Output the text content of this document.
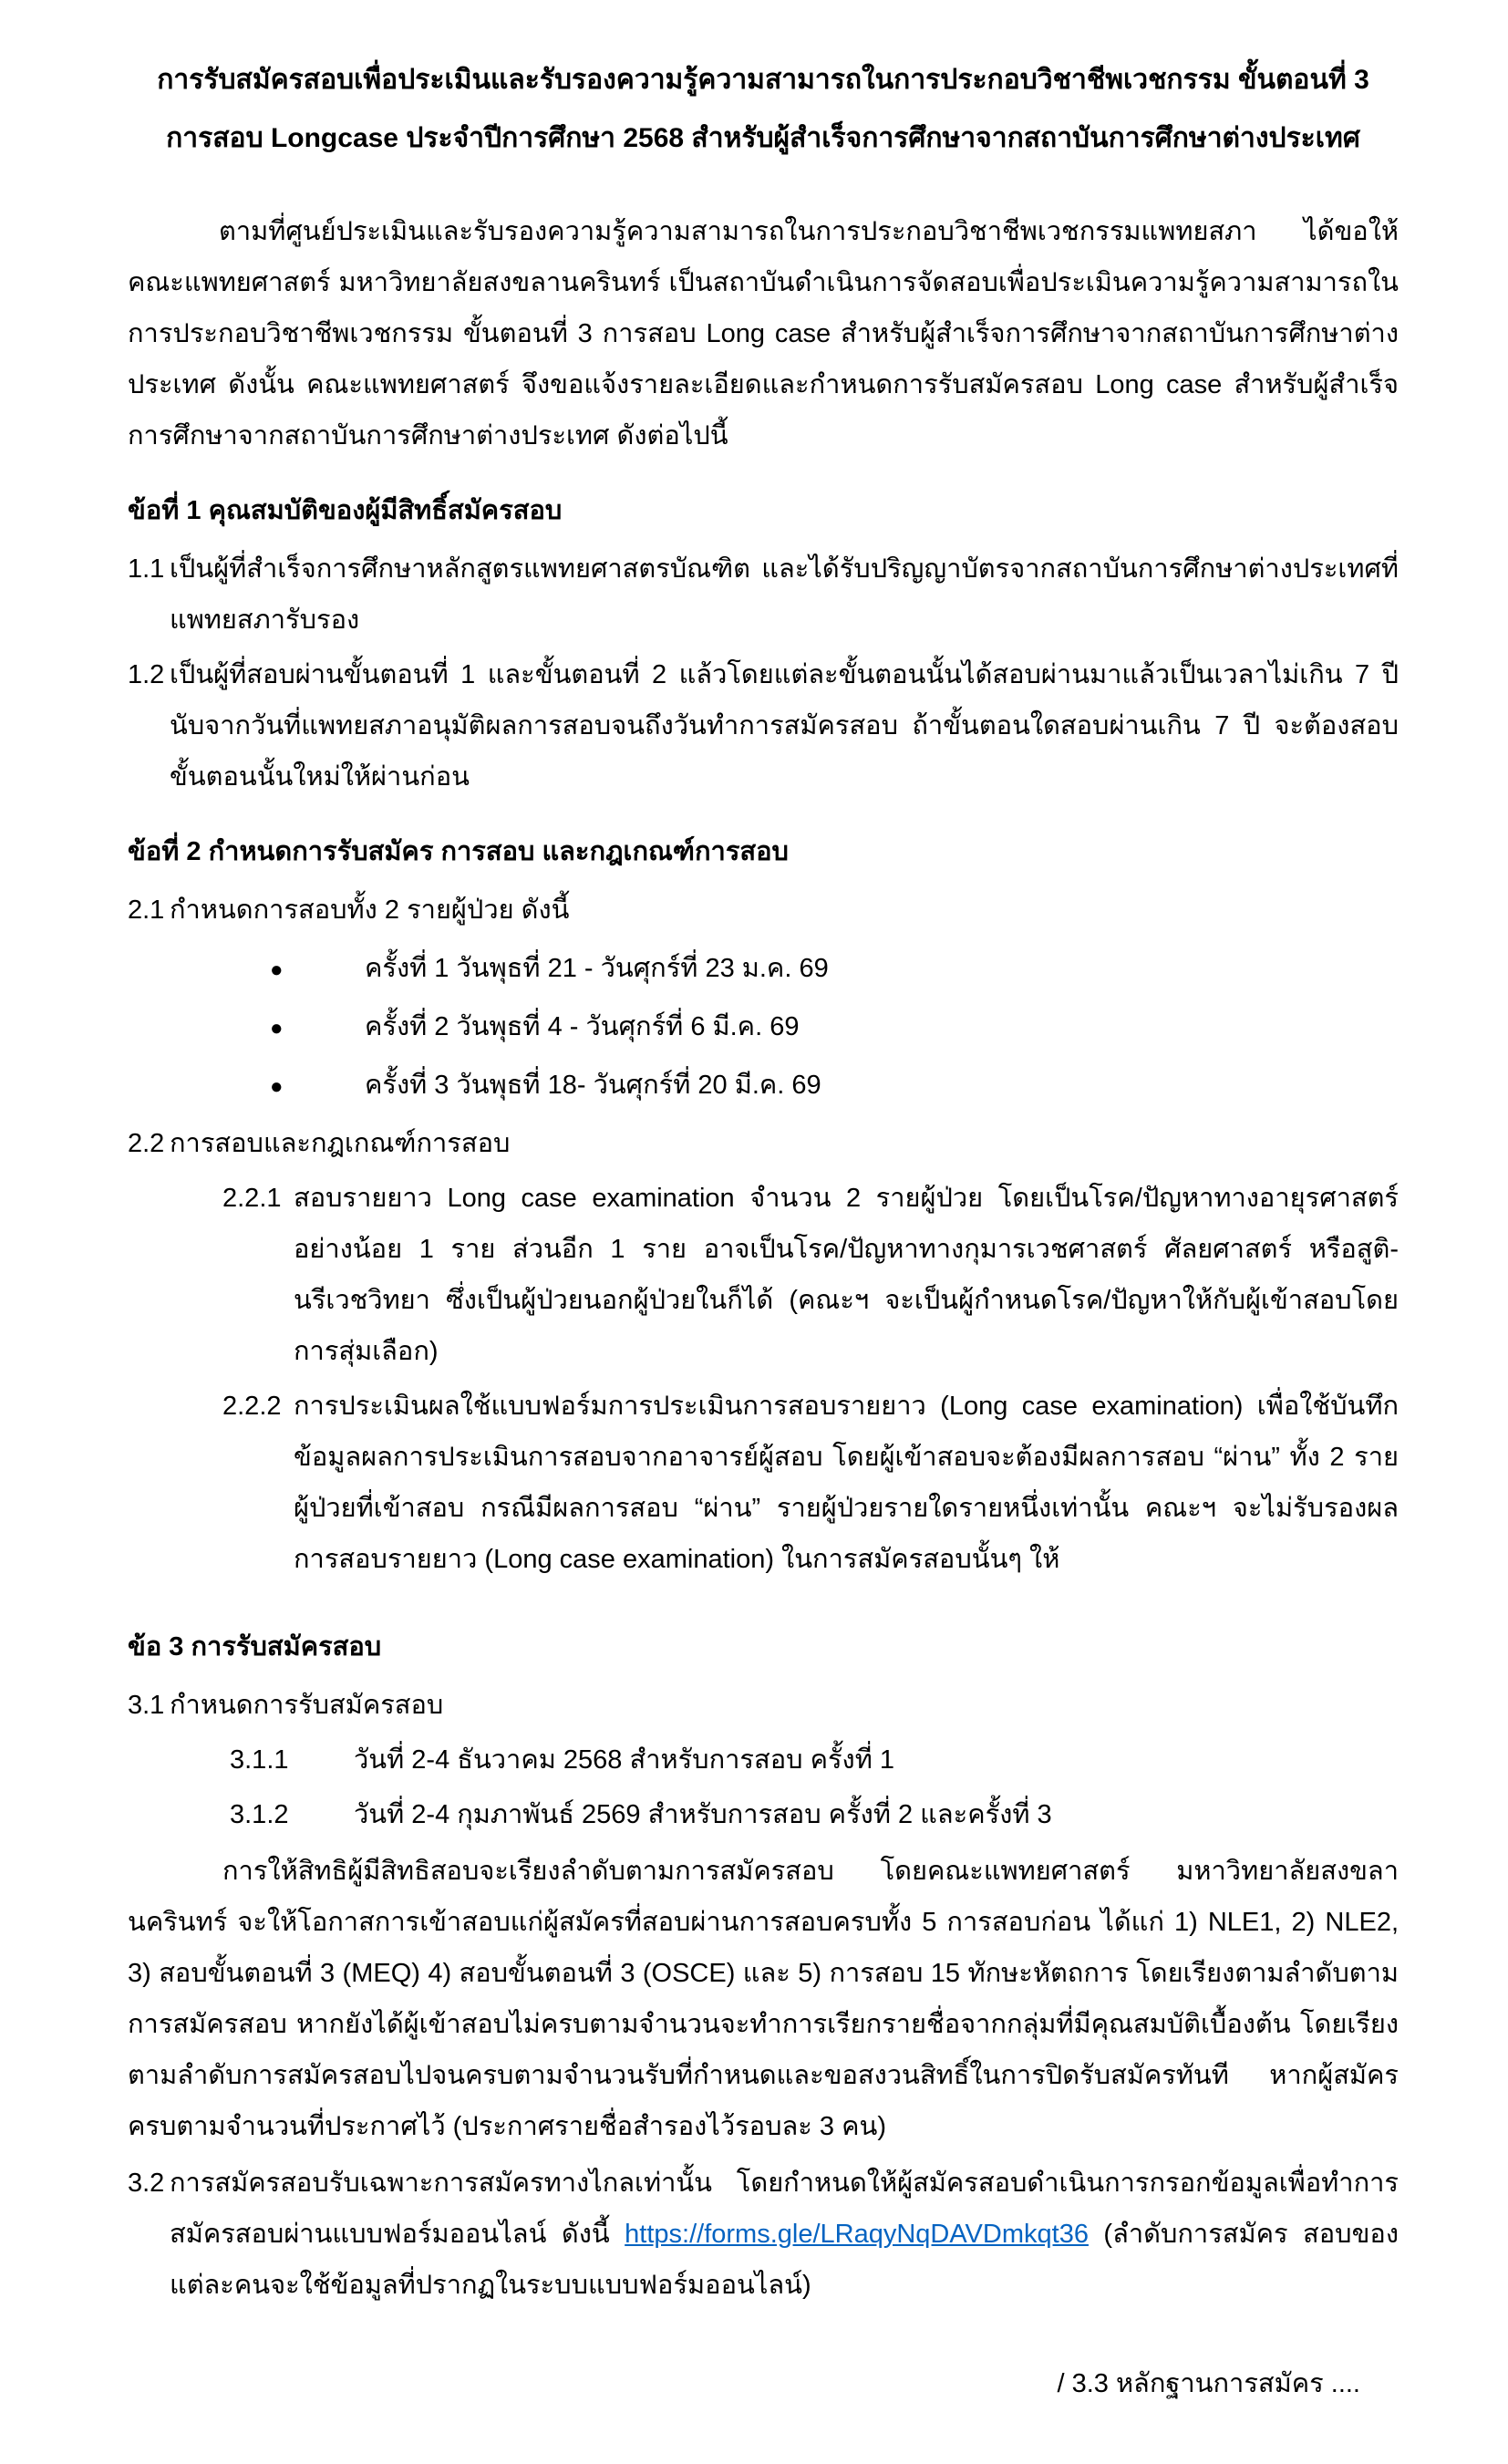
การรับสมัครสอบเพื่อประเมินและรับรองความรู้ความสามารถในการประกอบวิชาชีพเวชกรรม ขั้นตอนที่ 3
การสอบ Longcase ประจำปีการศึกษา 2568 สำหรับผู้สำเร็จการศึกษาจากสถาบันการศึกษาต่างประเทศ

ตามที่ศูนย์ประเมินและรับรองความรู้ความสามารถในการประกอบวิชาชีพเวชกรรมแพทยสภา ได้ขอให้คณะแพทยศาสตร์ มหาวิทยาลัยสงขลานครินทร์ เป็นสถาบันดำเนินการจัดสอบเพื่อประเมินความรู้ความสามารถในการประกอบวิชาชีพเวชกรรม ขั้นตอนที่ 3 การสอบ Long case สำหรับผู้สำเร็จการศึกษาจากสถาบันการศึกษาต่างประเทศ ดังนั้น คณะแพทยศาสตร์ จึงขอแจ้งรายละเอียดและกำหนดการรับสมัครสอบ Long case สำหรับผู้สำเร็จการศึกษาจากสถาบันการศึกษาต่างประเทศ ดังต่อไปนี้

ข้อที่ 1 คุณสมบัติของผู้มีสิทธิ์สมัครสอบ
1.1 เป็นผู้ที่สำเร็จการศึกษาหลักสูตรแพทยศาสตรบัณฑิต และได้รับปริญญาบัตรจากสถาบันการศึกษาต่างประเทศที่แพทยสภารับรอง
1.2 เป็นผู้ที่สอบผ่านขั้นตอนที่ 1 และขั้นตอนที่ 2 แล้วโดยแต่ละขั้นตอนนั้นได้สอบผ่านมาแล้วเป็นเวลาไม่เกิน 7 ปี นับจากวันที่แพทยสภาอนุมัติผลการสอบจนถึงวันทำการสมัครสอบ ถ้าขั้นตอนใดสอบผ่านเกิน 7 ปี จะต้องสอบขั้นตอนนั้นใหม่ให้ผ่านก่อน
ข้อที่ 2 กำหนดการรับสมัคร การสอบ และกฎเกณฑ์การสอบ
2.1 กำหนดการสอบทั้ง 2 รายผู้ป่วย ดังนี้
●	ครั้งที่ 1 วันพุธที่ 21 - วันศุกร์ที่ 23 ม.ค. 69
●	ครั้งที่ 2 วันพุธที่ 4 - วันศุกร์ที่ 6 มี.ค. 69
●	ครั้งที่ 3 วันพุธที่ 18- วันศุกร์ที่ 20 มี.ค. 69
2.2 การสอบและกฎเกณฑ์การสอบ
2.2.1 สอบรายยาว Long case examination จำนวน 2 รายผู้ป่วย โดยเป็นโรค/ปัญหาทางอายุรศาสตร์อย่างน้อย 1 ราย ส่วนอีก 1 ราย อาจเป็นโรค/ปัญหาทางกุมารเวชศาสตร์ ศัลยศาสตร์ หรือสูติ-นรีเวชวิทยา ซึ่งเป็นผู้ป่วยนอกผู้ป่วยในก็ได้ (คณะฯ จะเป็นผู้กำหนดโรค/ปัญหาให้กับผู้เข้าสอบโดยการสุ่มเลือก)
2.2.2 การประเมินผลใช้แบบฟอร์มการประเมินการสอบรายยาว (Long case examination) เพื่อใช้บันทึกข้อมูลผลการประเมินการสอบจากอาจารย์ผู้สอบ โดยผู้เข้าสอบจะต้องมีผลการสอบ “ผ่าน” ทั้ง 2 รายผู้ป่วยที่เข้าสอบ กรณีมีผลการสอบ “ผ่าน” รายผู้ป่วยรายใดรายหนึ่งเท่านั้น คณะฯ จะไม่รับรองผลการสอบรายยาว (Long case examination) ในการสมัครสอบนั้นๆ ให้
ข้อ 3 การรับสมัครสอบ
3.1 กำหนดการรับสมัครสอบ
3.1.1 วันที่ 2-4 ธันวาคม 2568 สำหรับการสอบ ครั้งที่ 1
3.1.2 วันที่ 2-4 กุมภาพันธ์ 2569 สำหรับการสอบ ครั้งที่ 2 และครั้งที่ 3

การให้สิทธิผู้มีสิทธิสอบจะเรียงลำดับตามการสมัครสอบ โดยคณะแพทยศาสตร์ มหาวิทยาลัยสงขลานครินทร์ จะให้โอกาสการเข้าสอบแก่ผู้สมัครที่สอบผ่านการสอบครบทั้ง 5 การสอบก่อน ได้แก่ 1) NLE1, 2) NLE2, 3) สอบขั้นตอนที่ 3 (MEQ) 4) สอบขั้นตอนที่ 3 (OSCE) และ 5) การสอบ 15 ทักษะหัตถการ โดยเรียงตามลำดับตามการสมัครสอบ หากยังได้ผู้เข้าสอบไม่ครบตามจำนวนจะทำการเรียกรายชื่อจากกลุ่มที่มีคุณสมบัติเบื้องต้น โดยเรียงตามลำดับการสมัครสอบไปจนครบตามจำนวนรับที่กำหนดและขอสงวนสิทธิ์ในการปิดรับสมัครทันที หากผู้สมัครครบตามจำนวนที่ประกาศไว้ (ประกาศรายชื่อสำรองไว้รอบละ 3 คน)

3.2 การสมัครสอบรับเฉพาะการสมัครทางไกลเท่านั้น โดยกำหนดให้ผู้สมัครสอบดำเนินการกรอกข้อมูลเพื่อทำการสมัครสอบผ่านแบบฟอร์มออนไลน์ ดังนี้ https://forms.gle/LRaqyNqDAVDmkqt36 (ลำดับการสมัคร สอบของแต่ละคนจะใช้ข้อมูลที่ปรากฏในระบบแบบฟอร์มออนไลน์)
/ 3.3 หลักฐานการสมัคร ....
